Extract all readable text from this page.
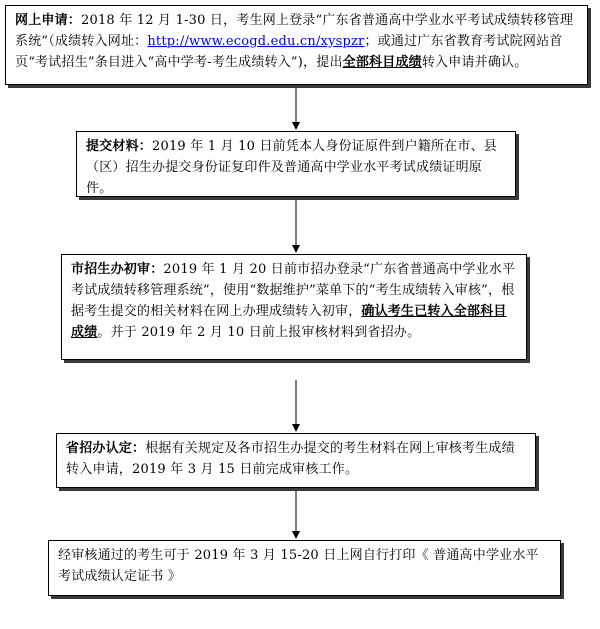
网上申请：2018 年 12 月 1-30 日，考生网上登录“广东省普通高中学业水平考试成绩转移管理系统”（成绩转入网址：http://www.ecogd.edu.cn/xyspzr；或通过广东省教育考试院网站首页“考试招生”条目进入“高中学考-考生成绩转入”)，提出全部科目成绩转入申请并确认。
提交材料：2019 年 1 月 10 日前凭本人身份证原件到户籍所在市、县（区）招生办提交身份证复印件及普通高中学业水平考试成绩证明原件。
市招生办初审：2019 年 1 月 20 日前市招办登录“广东省普通高中学业水平考试成绩转移管理系统”，使用“数据维护”菜单下的“考生成绩转入审核”，根据考生提交的相关材料在网上办理成绩转入初审，确认考生已转入全部科目成绩。并于 2019 年 2 月 10 日前上报审核材料到省招办。
省招办认定：根据有关规定及各市招生办提交的考生材料在网上审核考生成绩转入申请，2019 年 3 月 15 日前完成审核工作。
经审核通过的考生可于 2019 年 3 月 15-20 日上网自行打印《 普通高中学业水平考试成绩认定证书 》
